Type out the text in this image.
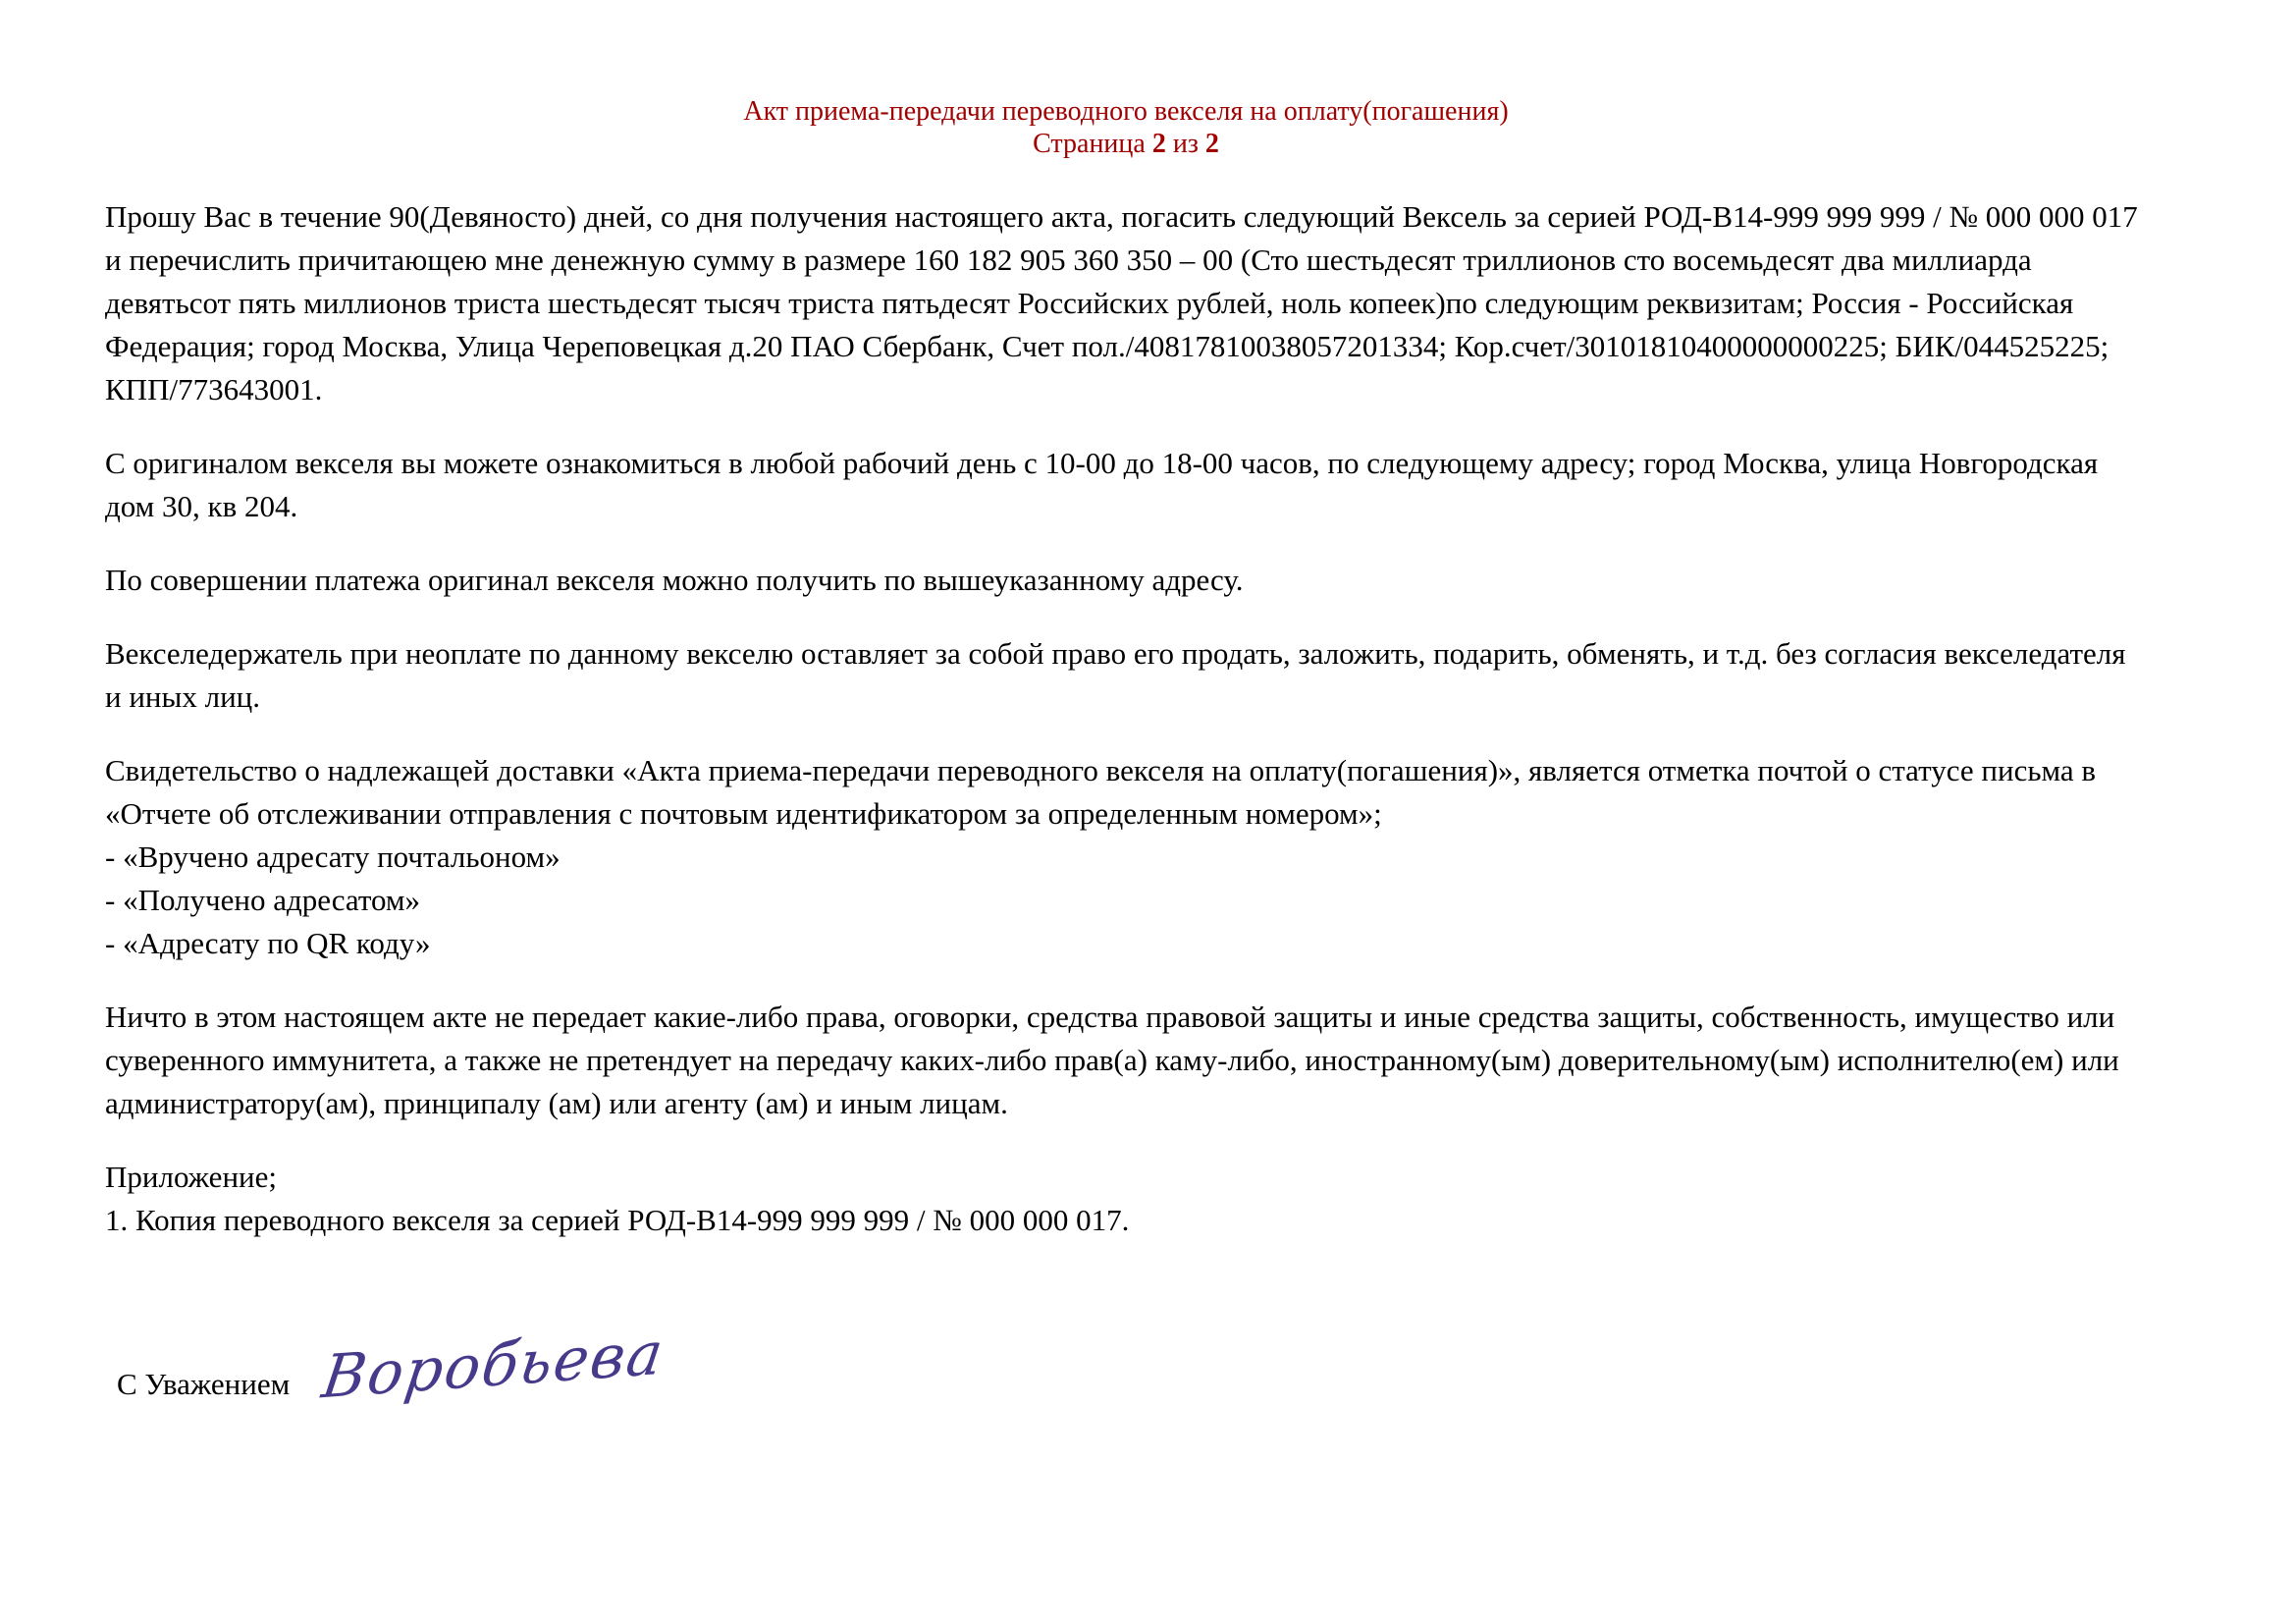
Акт приема-передачи переводного векселя на оплату(погашения)
Страница 2 из 2

Прошу Вас в течение 90(Девяносто) дней, со дня получения настоящего акта, погасить следующий Вексель за серией РОД-В14-999 999 999 / № 000 000 017 и перечислить причитающею мне денежную сумму в размере 160 182 905 360 350 – 00 (Сто шестьдесят триллионов сто восемьдесят два миллиарда девятьсот пять миллионов триста шестьдесят тысяч триста пятьдесят Российских рублей, ноль копеек)по следующим реквизитам; Россия - Российская Федерация; город Москва, Улица Череповецкая д.20 ПАО Сбербанк, Счет пол./40817810038057201334; Кор.счет/30101810400000000225; БИК/044525225; КПП/773643001.

С оригиналом векселя вы можете ознакомиться в любой рабочий день с 10-00 до 18-00 часов, по следующему адресу; город Москва, улица Новгородская дом 30, кв 204.

По совершении платежа оригинал векселя можно получить по вышеуказанному адресу.

Векселедержатель при неоплате по данному векселю оставляет за собой право его продать, заложить, подарить, обменять, и т.д. без согласия векселедателя и иных лиц.

Свидетельство о надлежащей доставки «Акта приема-передачи переводного векселя на оплату(погашения)», является отметка почтой о статусе письма в «Отчете об отслеживании отправления с почтовым идентификатором за определенным номером»;

- «Вручено адресату почтальоном»

- «Получено адресатом»

- «Адресату по QR коду»

Ничто в этом настоящем акте не передает какие-либо права, оговорки, средства правовой защиты и иные средства защиты, собственность, имущество или суверенного иммунитета, а также не претендует на передачу каких-либо прав(а) каму-либо, иностранному(ым) доверительному(ым) исполнителю(ем) или администратору(ам), принципалу (ам) или агенту (ам) и иным лицам.

Приложение;

1. Копия переводного векселя за серией РОД-В14-999 999 999 / № 000 000 017.

С Уважением Воробьева
